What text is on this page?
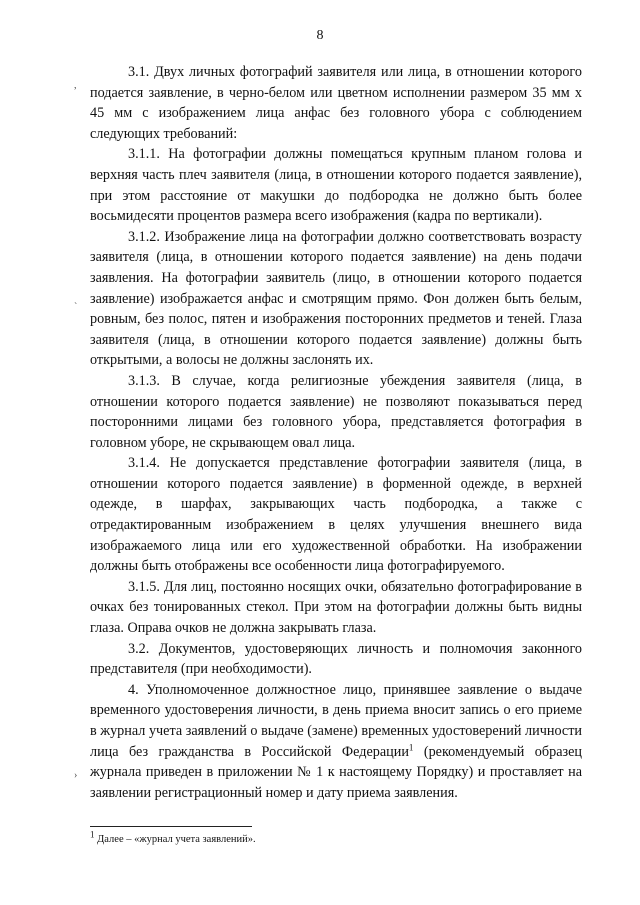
8

3.1. Двух личных фотографий заявителя или лица, в отношении которого подается заявление, в черно-белом или цветном исполнении размером 35 мм x 45 мм с изображением лица анфас без головного убора с соблюдением следующих требований:

3.1.1. На фотографии должны помещаться крупным планом голова и верхняя часть плеч заявителя (лица, в отношении которого подается заявление), при этом расстояние от макушки до подбородка не должно быть более восьмидесяти процентов размера всего изображения (кадра по вертикали).

3.1.2. Изображение лица на фотографии должно соответствовать возрасту заявителя (лица, в отношении которого подается заявление) на день подачи заявления. На фотографии заявитель (лицо, в отношении которого подается заявление) изображается анфас и смотрящим прямо. Фон должен быть белым, ровным, без полос, пятен и изображения посторонних предметов и теней. Глаза заявителя (лица, в отношении которого подается заявление) должны быть открытыми, а волосы не должны заслонять их.

3.1.3. В случае, когда религиозные убеждения заявителя (лица, в отношении которого подается заявление) не позволяют показываться перед посторонними лицами без головного убора, представляется фотография в головном уборе, не скрывающем овал лица.

3.1.4. Не допускается представление фотографии заявителя (лица, в отношении которого подается заявление) в форменной одежде, в верхней одежде, в шарфах, закрывающих часть подбородка, а также с отредактированным изображением в целях улучшения внешнего вида изображаемого лица или его художественной обработки. На изображении должны быть отображены все особенности лица фотографируемого.

3.1.5. Для лиц, постоянно носящих очки, обязательно фотографирование в очках без тонированных стекол. При этом на фотографии должны быть видны глаза. Оправа очков не должна закрывать глаза.

3.2. Документов, удостоверяющих личность и полномочия законного представителя (при необходимости).

4. Уполномоченное должностное лицо, принявшее заявление о выдаче временного удостоверения личности, в день приема вносит запись о его приеме в журнал учета заявлений о выдаче (замене) временных удостоверений личности лица без гражданства в Российской Федерации$^1$ (рекомендуемый образец журнала приведен в приложении № 1 к настоящему Порядку) и проставляет на заявлении регистрационный номер и дату приема заявления.

,
`
›
$^1$ Далее – «журнал учета заявлений».
